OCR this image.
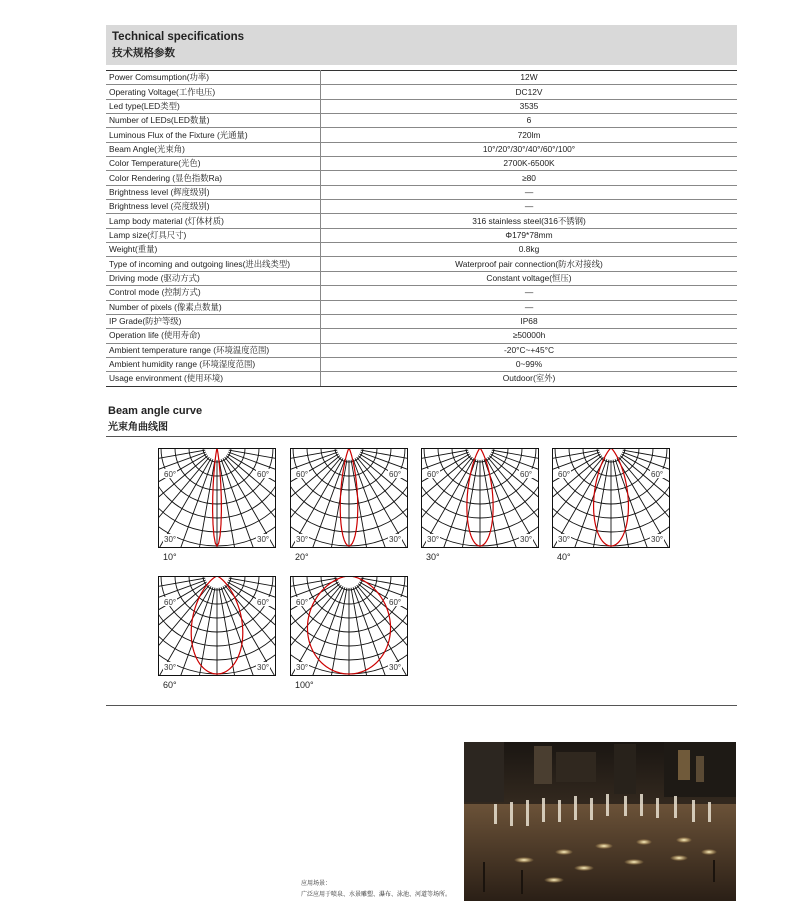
Technical specifications
技术规格参数
Power Comsumption(功率)	12W
Operating Voltage(工作电压)	DC12V
Led type(LED类型)	3535
Number of LEDs(LED数量)	6
Luminous Flux of the Fixture (光通量)	720lm
Beam Angle(光束角)	10°/20°/30°/40°/60°/100°
Color Temperature(光色)	2700K-6500K
Color Rendering (显色指数Ra)	≥80
Brightness level (辉度级别)	—
Brightness level (亮度级别)	—
Lamp body material (灯体材质)	316 stainless steel(316不锈钢)
Lamp size(灯具尺寸)	Φ179*78mm
Weight(重量)	0.8kg
Type of incoming and outgoing lines(进出线类型)	Waterproof pair connection(防水对接线)
Driving mode (驱动方式)	Constant voltage(恒压)
Control mode (控制方式)	—
Number of pixels (像素点数量)	—
IP Grade(防护等级)	IP68
Operation life (使用寿命)	≥50000h
Ambient temperature range (环境温度范围)	-20°C~+45°C
Ambient humidity range (环境湿度范围)	0~99%
Usage environment (使用环境)	Outdoor(室外)
Beam angle curve
光束角曲线图
60°	60°
30°	30°
10°
60°	60°
30°	30°
20°
60°	60°
30°	30°
30°
60°	60°
30°	30°
40°
60°	60°
30°	30°
60°
60°	60°
30°	30°
100°
应用场景：
广泛应用于喷泉、水景雕塑、瀑布、泳池、河道等场所。
